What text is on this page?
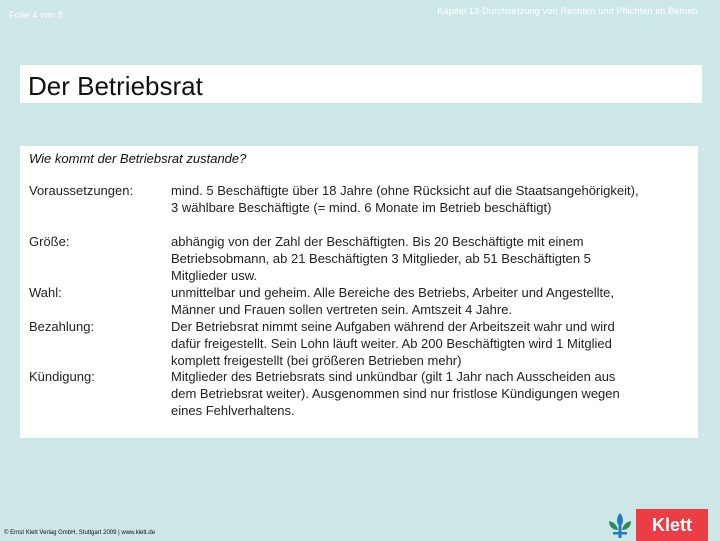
Folie 4 von 8	Kapitel 13 Durchsetzung von Rechten und Pflichten im Betrieb
Der Betriebsrat
Wie kommt der Betriebsrat zustande?
Voraussetzungen:	mind. 5 Beschäftigte über 18 Jahre (ohne Rücksicht auf die Staatsangehörigkeit), 3 wählbare Beschäftigte (= mind. 6 Monate im Betrieb beschäftigt)
Größe:	abhängig von der Zahl der Beschäftigten. Bis 20 Beschäftigte mit einem Betriebsobmann, ab 21 Beschäftigten 3 Mitglieder, ab 51 Beschäftigten 5 Mitglieder usw.
Wahl:	unmittelbar und geheim. Alle Bereiche des Betriebs, Arbeiter und Angestellte, Männer und Frauen sollen vertreten sein. Amtszeit 4 Jahre.
Bezahlung:	Der Betriebsrat nimmt seine Aufgaben während der Arbeitszeit wahr und wird dafür freigestellt. Sein Lohn läuft weiter. Ab 200 Beschäftigten wird 1 Mitglied komplett freigestellt (bei größeren Betrieben mehr)
Kündigung:	Mitglieder des Betriebsrats sind unkündbar (gilt 1 Jahr nach Ausscheiden aus dem Betriebsrat weiter). Ausgenommen sind nur fristlose Kündigungen wegen eines Fehlverhaltens.
© Ernst Klett Verlag GmbH, Stuttgart 2009 | www.klett.de	Klett
